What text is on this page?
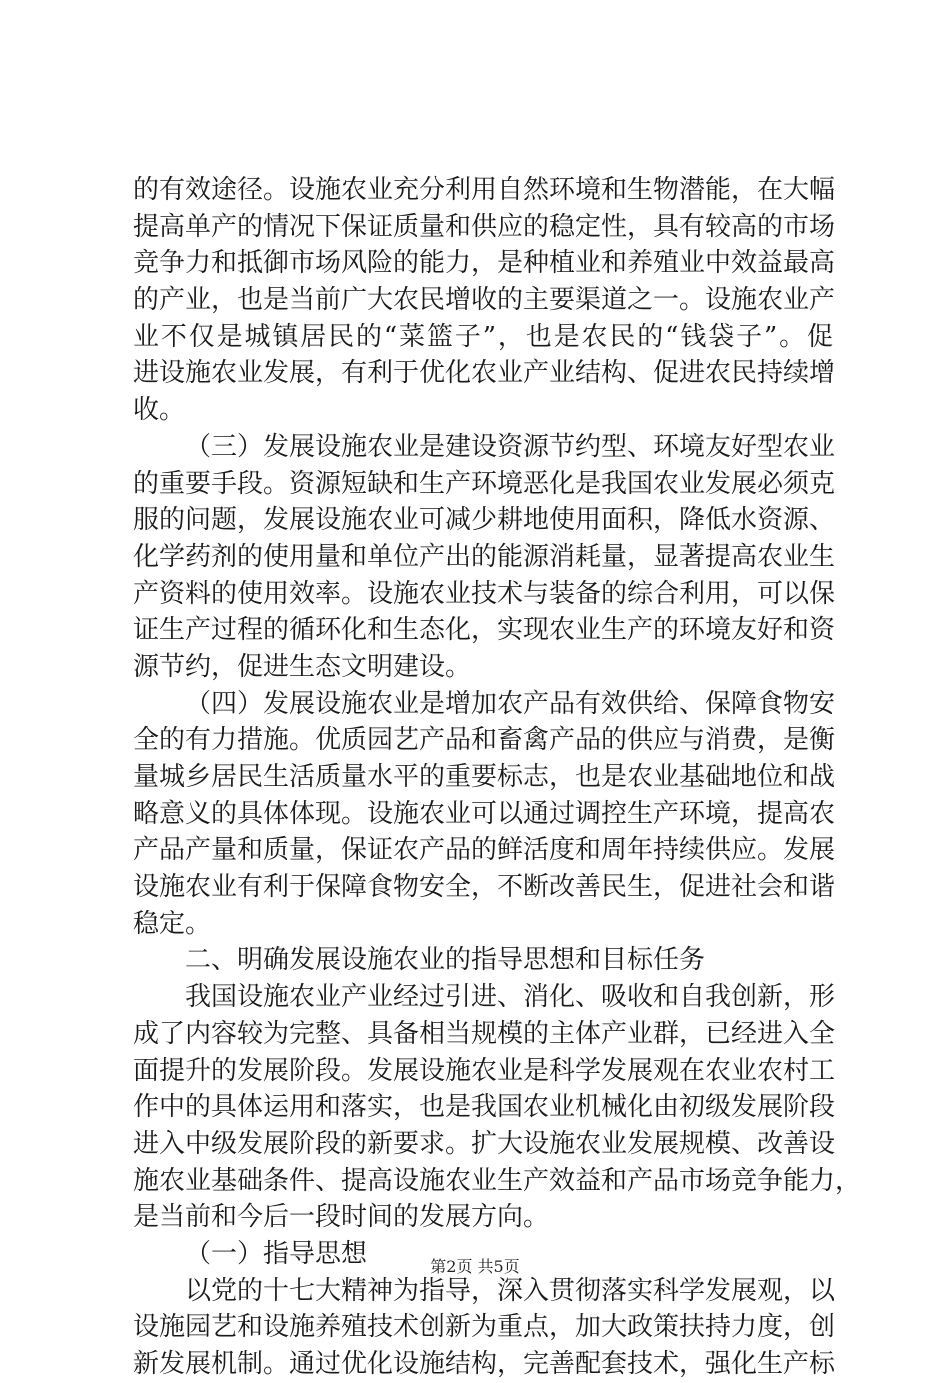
的有效途径。设施农业充分利用自然环境和生物潜能，在大幅
提高单产的情况下保证质量和供应的稳定性，具有较高的市场
竞争力和抵御市场风险的能力，是种植业和养殖业中效益最高
的产业，也是当前广大农民增收的主要渠道之一。设施农业产
业不仅是城镇居民的“菜篮子”，也是农民的“钱袋子”。促
进设施农业发展，有利于优化农业产业结构、促进农民持续增
收。
（三）发展设施农业是建设资源节约型、环境友好型农业
的重要手段。资源短缺和生产环境恶化是我国农业发展必须克
服的问题，发展设施农业可减少耕地使用面积，降低水资源、
化学药剂的使用量和单位产出的能源消耗量，显著提高农业生
产资料的使用效率。设施农业技术与装备的综合利用，可以保
证生产过程的循环化和生态化，实现农业生产的环境友好和资
源节约，促进生态文明建设。
（四）发展设施农业是增加农产品有效供给、保障食物安
全的有力措施。优质园艺产品和畜禽产品的供应与消费，是衡
量城乡居民生活质量水平的重要标志，也是农业基础地位和战
略意义的具体体现。设施农业可以通过调控生产环境，提高农
产品产量和质量，保证农产品的鲜活度和周年持续供应。发展
设施农业有利于保障食物安全，不断改善民生，促进社会和谐
稳定。
二、明确发展设施农业的指导思想和目标任务
我国设施农业产业经过引进、消化、吸收和自我创新，形
成了内容较为完整、具备相当规模的主体产业群，已经进入全
面提升的发展阶段。发展设施农业是科学发展观在农业农村工
作中的具体运用和落实，也是我国农业机械化由初级发展阶段
进入中级发展阶段的新要求。扩大设施农业发展规模、改善设
施农业基础条件、提高设施农业生产效益和产品市场竞争能力，
是当前和今后一段时间的发展方向。
（一）指导思想
以党的十七大精神为指导，深入贯彻落实科学发展观，以
设施园艺和设施养殖技术创新为重点，加大政策扶持力度，创
新发展机制。通过优化设施结构，完善配套技术，强化生产标
第2页 共5页
